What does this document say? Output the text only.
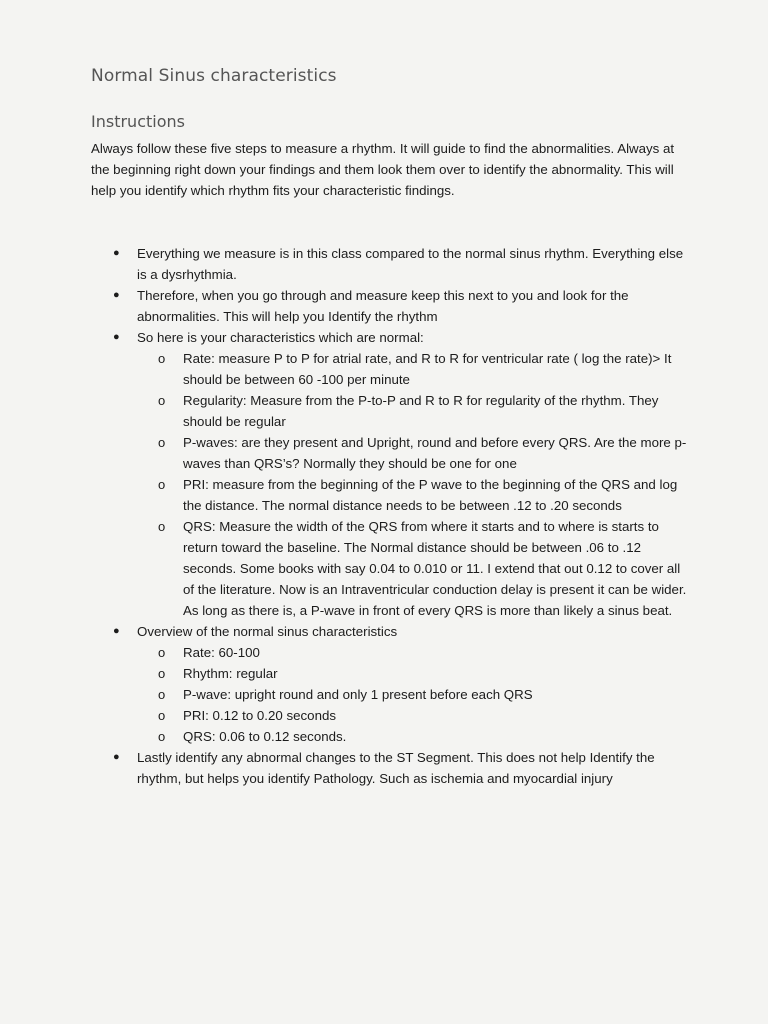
Normal Sinus characteristics
Instructions

Always follow these five steps to measure a rhythm. It will guide to find the abnormalities. Always at the beginning right down your findings and them look them over to identify the abnormality. This will help you identify which rhythm fits your characteristic findings.

● Everything we measure is in this class compared to the normal sinus rhythm. Everything else is a dysrhythmia.
● Therefore, when you go through and measure keep this next to you and look for the abnormalities. This will help you Identify the rhythm
● So here is your characteristics which are normal:
o Rate: measure P to P for atrial rate, and R to R for ventricular rate ( log the rate)> It should be between 60 -100 per minute
o Regularity: Measure from the P-to-P and R to R for regularity of the rhythm. They should be regular
o P-waves: are they present and Upright, round and before every QRS. Are the more p- waves than QRS’s? Normally they should be one for one
o PRI: measure from the beginning of the P wave to the beginning of the QRS and log the distance. The normal distance needs to be between .12 to .20 seconds
o QRS: Measure the width of the QRS from where it starts and to where is starts to return toward the baseline. The Normal distance should be between .06 to .12 seconds. Some books with say 0.04 to 0.010 or 11. I extend that out 0.12 to cover all of the literature. Now is an Intraventricular conduction delay is present it can be wider. As long as there is, a P-wave in front of every QRS is more than likely a sinus beat.
● Overview of the normal sinus characteristics
o Rate: 60-100
o Rhythm: regular
o P-wave: upright round and only 1 present before each QRS
o PRI: 0.12 to 0.20 seconds
o QRS: 0.06 to 0.12 seconds.
● Lastly identify any abnormal changes to the ST Segment. This does not help Identify the rhythm, but helps you identify Pathology. Such as ischemia and myocardial injury
